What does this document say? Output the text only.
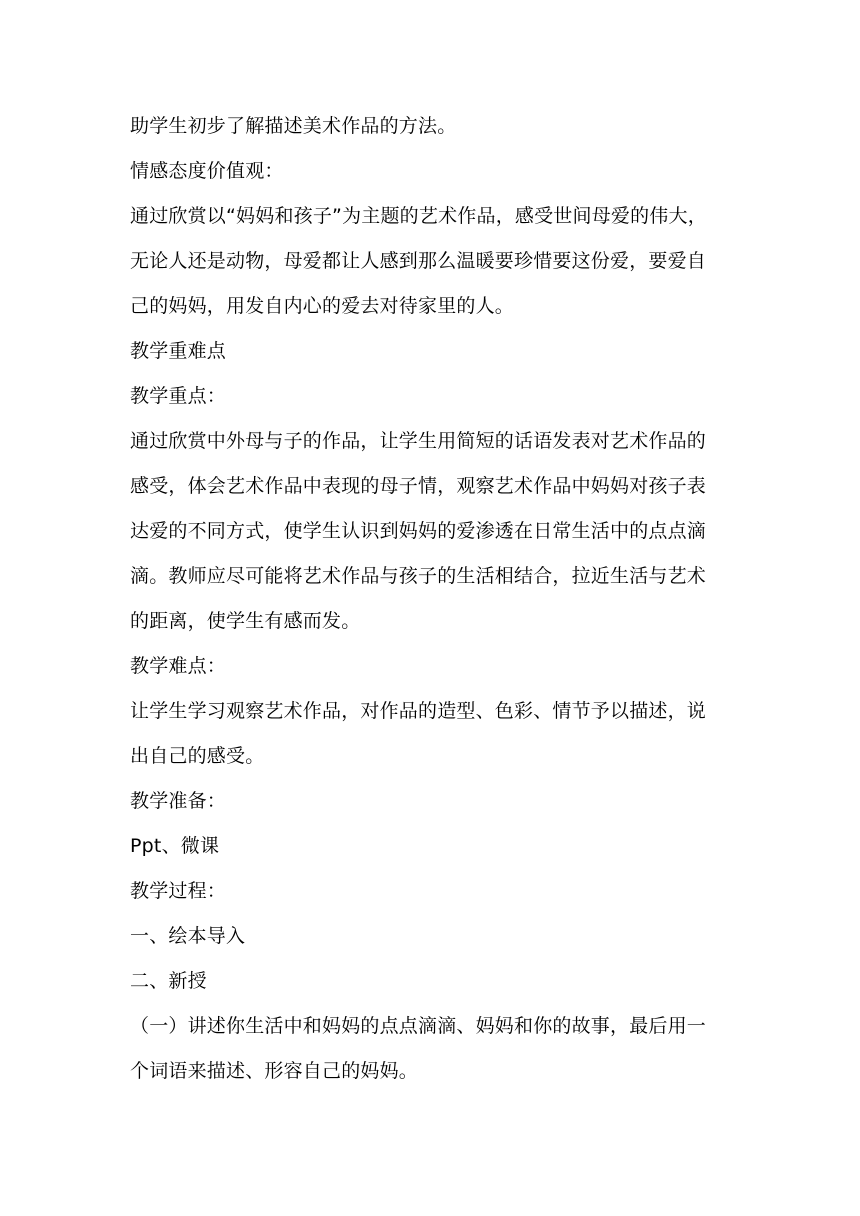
助学生初步了解描述美术作品的方法。
情感态度价值观：
通过欣赏以“妈妈和孩子”为主题的艺术作品，感受世间母爱的伟大，
无论人还是动物，母爱都让人感到那么温暖要珍惜要这份爱，要爱自
己的妈妈，用发自内心的爱去对待家里的人。
教学重难点
教学重点：
通过欣赏中外母与子的作品，让学生用简短的话语发表对艺术作品的
感受，体会艺术作品中表现的母子情，观察艺术作品中妈妈对孩子表
达爱的不同方式，使学生认识到妈妈的爱渗透在日常生活中的点点滴
滴。教师应尽可能将艺术作品与孩子的生活相结合，拉近生活与艺术
的距离，使学生有感而发。
教学难点：
让学生学习观察艺术作品，对作品的造型、色彩、情节予以描述，说
出自己的感受。
教学准备：
Ppt、微课
教学过程：
一、绘本导入
二、新授
（一）讲述你生活中和妈妈的点点滴滴、妈妈和你的故事，最后用一
个词语来描述、形容自己的妈妈。
